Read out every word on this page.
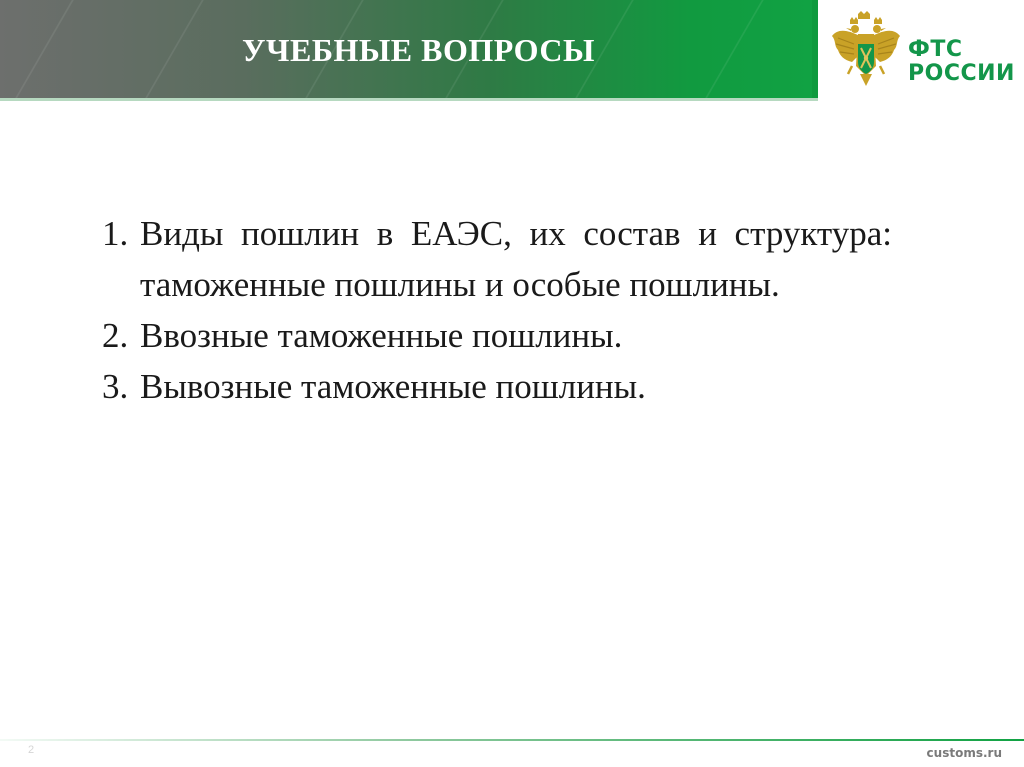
УЧЕБНЫЕ ВОПРОСЫ	ФТС
РОССИИ
1. Виды пошлин в ЕАЭС, их состав и структура: таможенные пошлины и особые пошлины.
2. Ввозные таможенные пошлины.
3. Вывозные таможенные пошлины.
2	customs.ru
